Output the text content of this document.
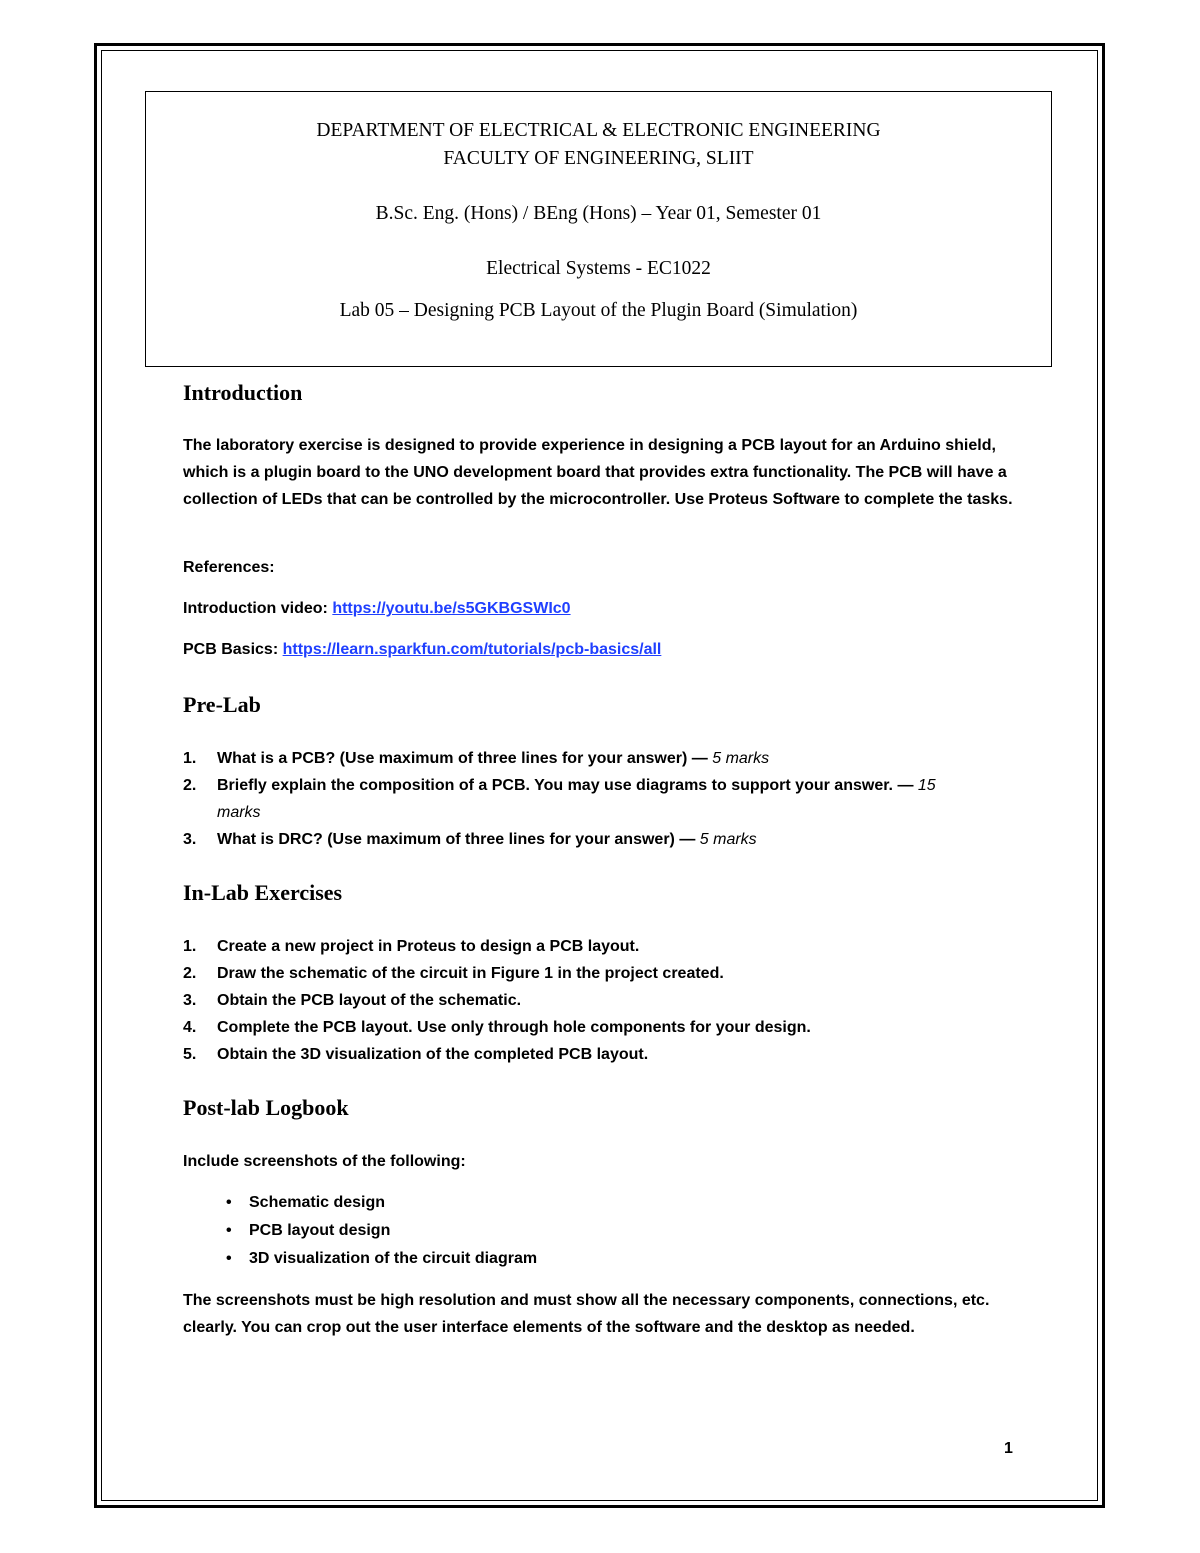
DEPARTMENT OF ELECTRICAL & ELECTRONIC ENGINEERING
FACULTY OF ENGINEERING, SLIIT
B.Sc. Eng. (Hons) / BEng (Hons) – Year 01, Semester 01
Electrical Systems - EC1022
Lab 05 – Designing PCB Layout of the Plugin Board (Simulation)
Introduction
The laboratory exercise is designed to provide experience in designing a PCB layout for an Arduino shield, which is a plugin board to the UNO development board that provides extra functionality. The PCB will have a collection of LEDs that can be controlled by the microcontroller. Use Proteus Software to complete the tasks.
References:
Introduction video: https://youtu.be/s5GKBGSWIc0
PCB Basics: https://learn.sparkfun.com/tutorials/pcb-basics/all
Pre-Lab
1. What is a PCB? (Use maximum of three lines for your answer) — 5 marks
2. Briefly explain the composition of a PCB. You may use diagrams to support your answer. — 15 marks
3. What is DRC? (Use maximum of three lines for your answer) — 5 marks
In-Lab Exercises
1. Create a new project in Proteus to design a PCB layout.
2. Draw the schematic of the circuit in Figure 1 in the project created.
3. Obtain the PCB layout of the schematic.
4. Complete the PCB layout. Use only through hole components for your design.
5. Obtain the 3D visualization of the completed PCB layout.
Post-lab Logbook
Include screenshots of the following:
• Schematic design
• PCB layout design
• 3D visualization of the circuit diagram
The screenshots must be high resolution and must show all the necessary components, connections, etc. clearly. You can crop out the user interface elements of the software and the desktop as needed.
1
